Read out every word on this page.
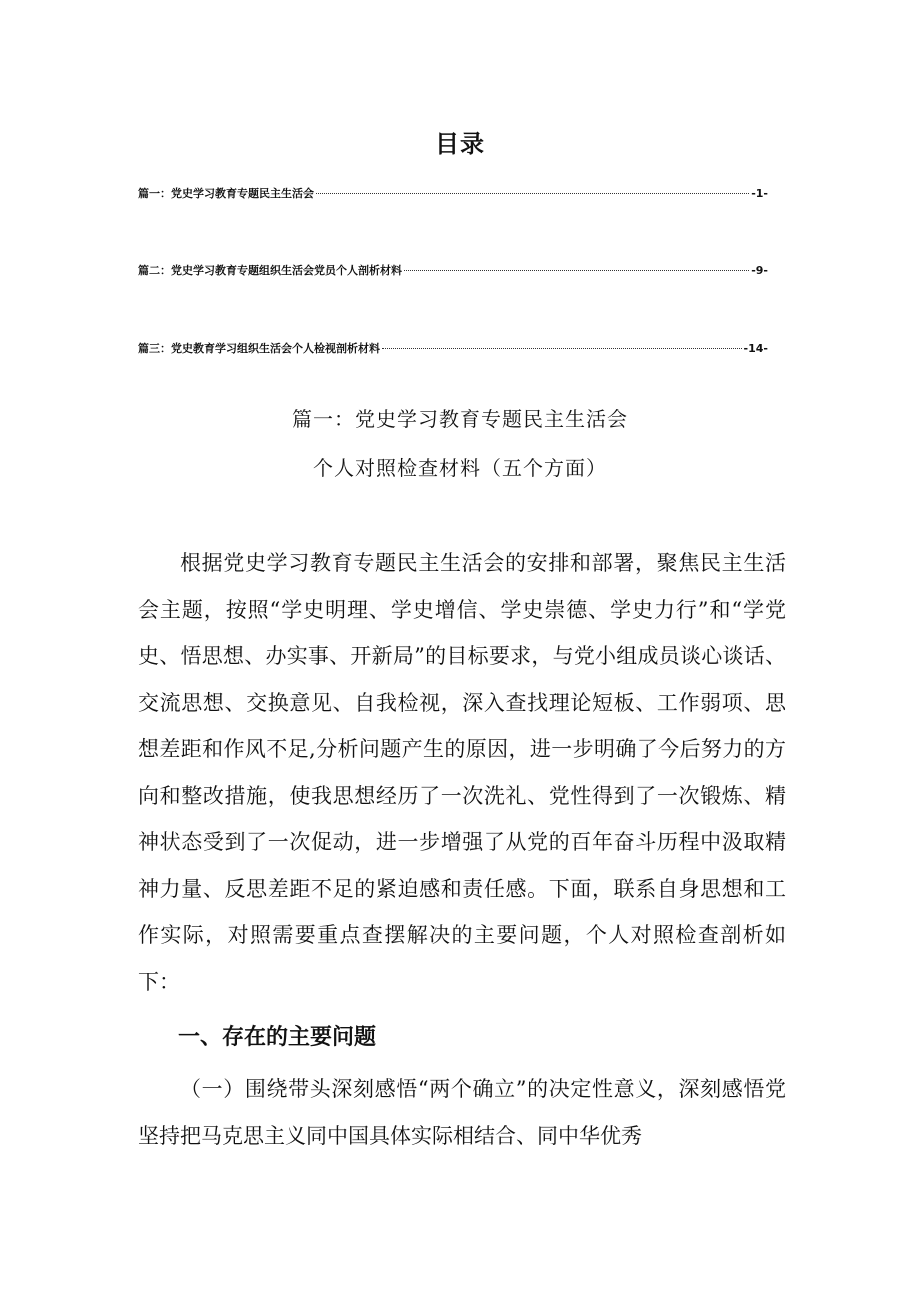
目录
篇一：党史学习教育专题民主生活会	-1-
篇二：党史学习教育专题组织生活会党员个人剖析材料	-9-
篇三：党史教育学习组织生活会个人检视剖析材料	-14-
篇一：党史学习教育专题民主生活会
个人对照检查材料（五个方面）

根据党史学习教育专题民主生活会的安排和部署，聚焦民主生活会主题，按照“学史明理、学史增信、学史崇德、学史力行”和“学党史、悟思想、办实事、开新局”的目标要求，与党小组成员谈心谈话、交流思想、交换意见、自我检视，深入查找理论短板、工作弱项、思想差距和作风不足,分析问题产生的原因，进一步明确了今后努力的方向和整改措施，使我思想经历了一次洗礼、党性得到了一次锻炼、精神状态受到了一次促动，进一步增强了从党的百年奋斗历程中汲取精神力量、反思差距不足的紧迫感和责任感。下面，联系自身思想和工作实际，对照需要重点查摆解决的主要问题，个人对照检查剖析如下：

一、存在的主要问题

（一）围绕带头深刻感悟“两个确立”的决定性意义，深刻感悟党坚持把马克思主义同中国具体实际相结合、同中华优秀
